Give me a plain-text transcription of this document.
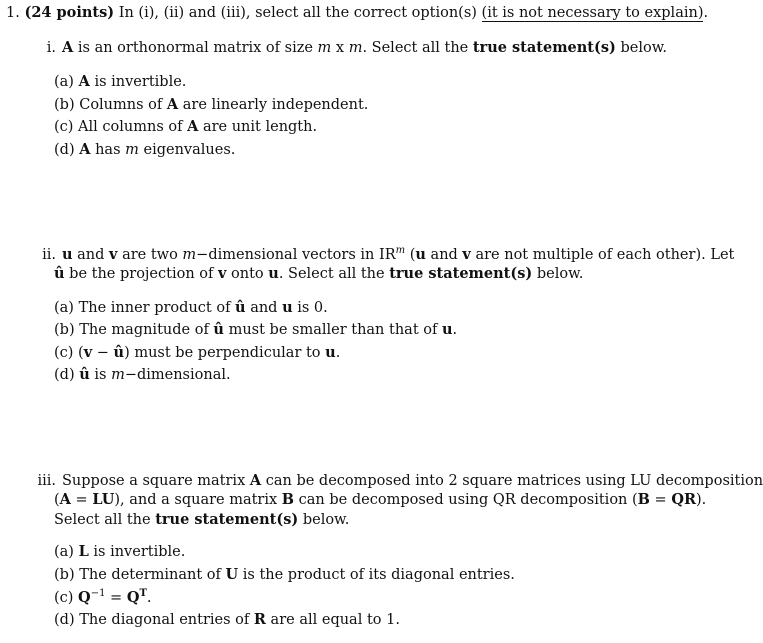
1. (24 points) In (i), (ii) and (iii), select all the correct option(s) (it is not necessary to explain).
i. A is an orthonormal matrix of size m x m. Select all the true statement(s) below.
(a) A is invertible.
(b) Columns of A are linearly independent.
(c) All columns of A are unit length.
(d) A has m eigenvalues.
ii. u and v are two m−dimensional vectors in $IR^m$ (u and v are not multiple of each other). Let
û be the projection of v onto u. Select all the true statement(s) below.
(a) The inner product of û and u is 0.
(b) The magnitude of û must be smaller than that of u.
(c) (v − û) must be perpendicular to u.
(d) û is m−dimensional.
iii. Suppose a square matrix A can be decomposed into 2 square matrices using LU decomposition
(A = LU), and a square matrix B can be decomposed using QR decomposition (B = QR).
Select all the true statement(s) below.
(a) L is invertible.
(b) The determinant of U is the product of its diagonal entries.
(c) $Q^{-1} = Q^T$.
(d) The diagonal entries of R are all equal to 1.
